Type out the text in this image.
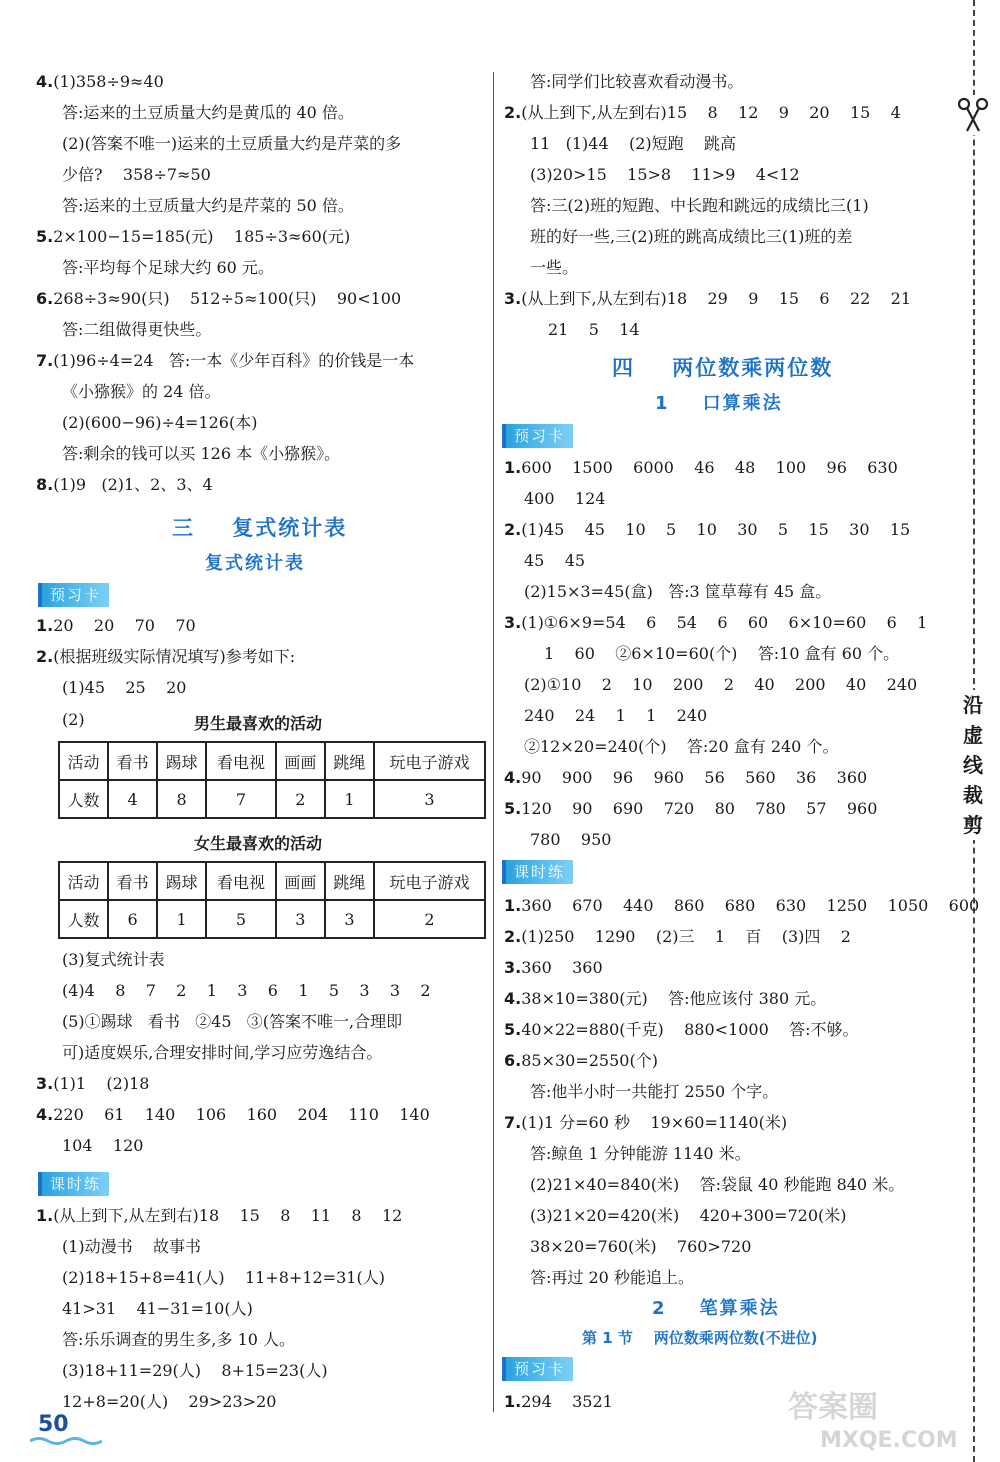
三    复式统计表
复式统计表
预习卡
男生最喜欢的活动
活动	看书	踢球	看电视	画画	跳绳	玩电子游戏
人数	4	8	7	2	1	3
女生最喜欢的活动
活动	看书	踢球	看电视	画画	跳绳	玩电子游戏
人数	6	1	5	3	3	2
课时练
四    两位数乘两位数
1    口算乘法
预习卡
课时练
2    笔算乘法
第 1 节    两位数乘两位数(不进位)
预习卡
沿
虚
线
裁
剪
50	答案圈
MXQE.COM
4.(1)358÷9≈40
答:运来的土豆质量大约是黄瓜的 40 倍。
(2)(答案不唯一)运来的土豆质量大约是芹菜的多
少倍?    358÷7≈50
答:运来的土豆质量大约是芹菜的 50 倍。
5.2×100−15=185(元)    185÷3≈60(元)
答:平均每个足球大约 60 元。
6.268÷3≈90(只)    512÷5≈100(只)    90<100
答:二组做得更快些。
7.(1)96÷4=24   答:一本《少年百科》的价钱是一本
《小猕猴》的 24 倍。
(2)(600−96)÷4=126(本)
答:剩余的钱可以买 126 本《小猕猴》。
8.(1)9   (2)1、2、3、4
1.20    20    70    70
2.(根据班级实际情况填写)参考如下:
(1)45    25    20
(2)
(3)复式统计表
(4)4    8    7    2    1    3    6    1    5    3    3    2
(5)①踢球   看书   ②45   ③(答案不唯一,合理即
可)适度娱乐,合理安排时间,学习应劳逸结合。
3.(1)1    (2)18
4.220    61    140    106    160    204    110    140
104    120
1.(从上到下,从左到右)18    15    8    11    8    12
(1)动漫书    故事书
(2)18+15+8=41(人)    11+8+12=31(人)
41>31    41−31=10(人)
答:乐乐调查的男生多,多 10 人。
(3)18+11=29(人)    8+15=23(人)
12+8=20(人)    29>23>20
答:同学们比较喜欢看动漫书。
2.(从上到下,从左到右)15    8    12    9    20    15    4
11   (1)44    (2)短跑    跳高
(3)20>15    15>8    11>9    4<12
答:三(2)班的短跑、中长跑和跳远的成绩比三(1)
班的好一些,三(2)班的跳高成绩比三(1)班的差
一些。
3.(从上到下,从左到右)18    29    9    15    6    22    21
21    5    14
1.600    1500    6000    46    48    100    96    630
400    124
2.(1)45    45    10    5    10    30    5    15    30    15
45    45
(2)15×3=45(盒)   答:3 筐草莓有 45 盒。
3.(1)①6×9=54    6    54    6    60    6×10=60    6    1
1    60    ②6×10=60(个)    答:10 盒有 60 个。
(2)①10    2    10    200    2    40    200    40    240
240    24    1    1    240
②12×20=240(个)    答:20 盒有 240 个。
4.90    900    96    960    56    560    36    360
5.120    90    690    720    80    780    57    960
780    950
1.360    670    440    860    680    630    1250    1050    600
2.(1)250    1290    (2)三    1    百    (3)四    2
3.360    360
4.38×10=380(元)    答:他应该付 380 元。
5.40×22=880(千克)    880<1000    答:不够。
6.85×30=2550(个)
答:他半小时一共能打 2550 个字。
7.(1)1 分=60 秒    19×60=1140(米)
答:鲸鱼 1 分钟能游 1140 米。
(2)21×40=840(米)    答:袋鼠 40 秒能跑 840 米。
(3)21×20=420(米)    420+300=720(米)
38×20=760(米)    760>720
答:再过 20 秒能追上。
1.294    3521
